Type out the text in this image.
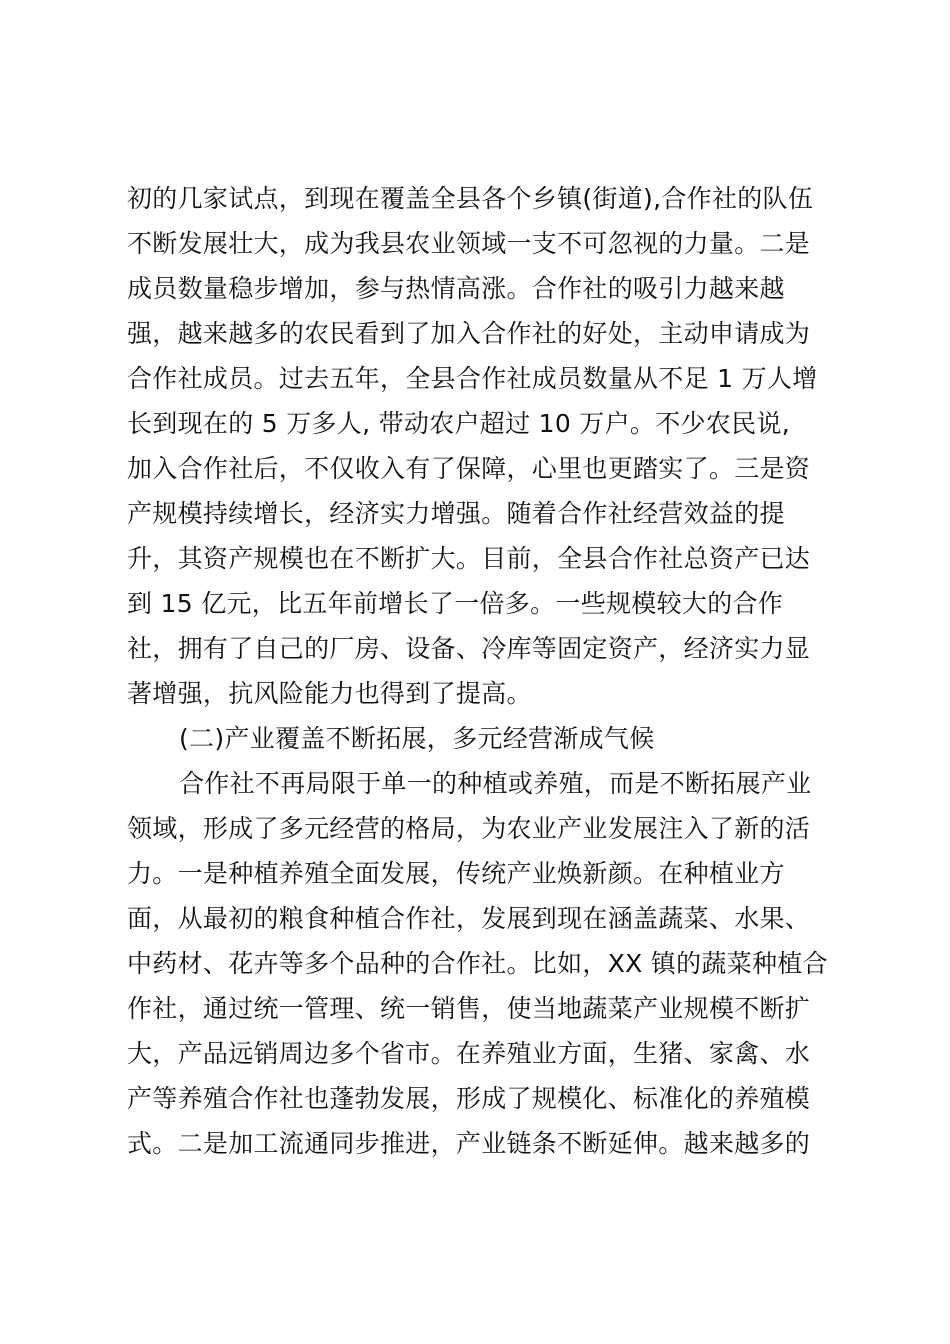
初的几家试点，到现在覆盖全县各个乡镇(街道),合作社的队伍
不断发展壮大，成为我县农业领域一支不可忽视的力量。二是
成员数量稳步增加，参与热情高涨。合作社的吸引力越来越
强，越来越多的农民看到了加入合作社的好处，主动申请成为
合作社成员。过去五年，全县合作社成员数量从不足 1 万人增
长到现在的 5 万多人, 带动农户超过 10 万户。不少农民说,
加入合作社后，不仅收入有了保障，心里也更踏实了。三是资
产规模持续增长，经济实力增强。随着合作社经营效益的提
升，其资产规模也在不断扩大。目前，全县合作社总资产已达
到 15 亿元，比五年前增长了一倍多。一些规模较大的合作
社，拥有了自己的厂房、设备、冷库等固定资产，经济实力显
著增强，抗风险能力也得到了提高。
(二)产业覆盖不断拓展，多元经营渐成气候
合作社不再局限于单一的种植或养殖，而是不断拓展产业
领域，形成了多元经营的格局，为农业产业发展注入了新的活
力。一是种植养殖全面发展，传统产业焕新颜。在种植业方
面，从最初的粮食种植合作社，发展到现在涵盖蔬菜、水果、
中药材、花卉等多个品种的合作社。比如，XX 镇的蔬菜种植合
作社，通过统一管理、统一销售，使当地蔬菜产业规模不断扩
大，产品远销周边多个省市。在养殖业方面，生猪、家禽、水
产等养殖合作社也蓬勃发展，形成了规模化、标准化的养殖模
式。二是加工流通同步推进，产业链条不断延伸。越来越多的
